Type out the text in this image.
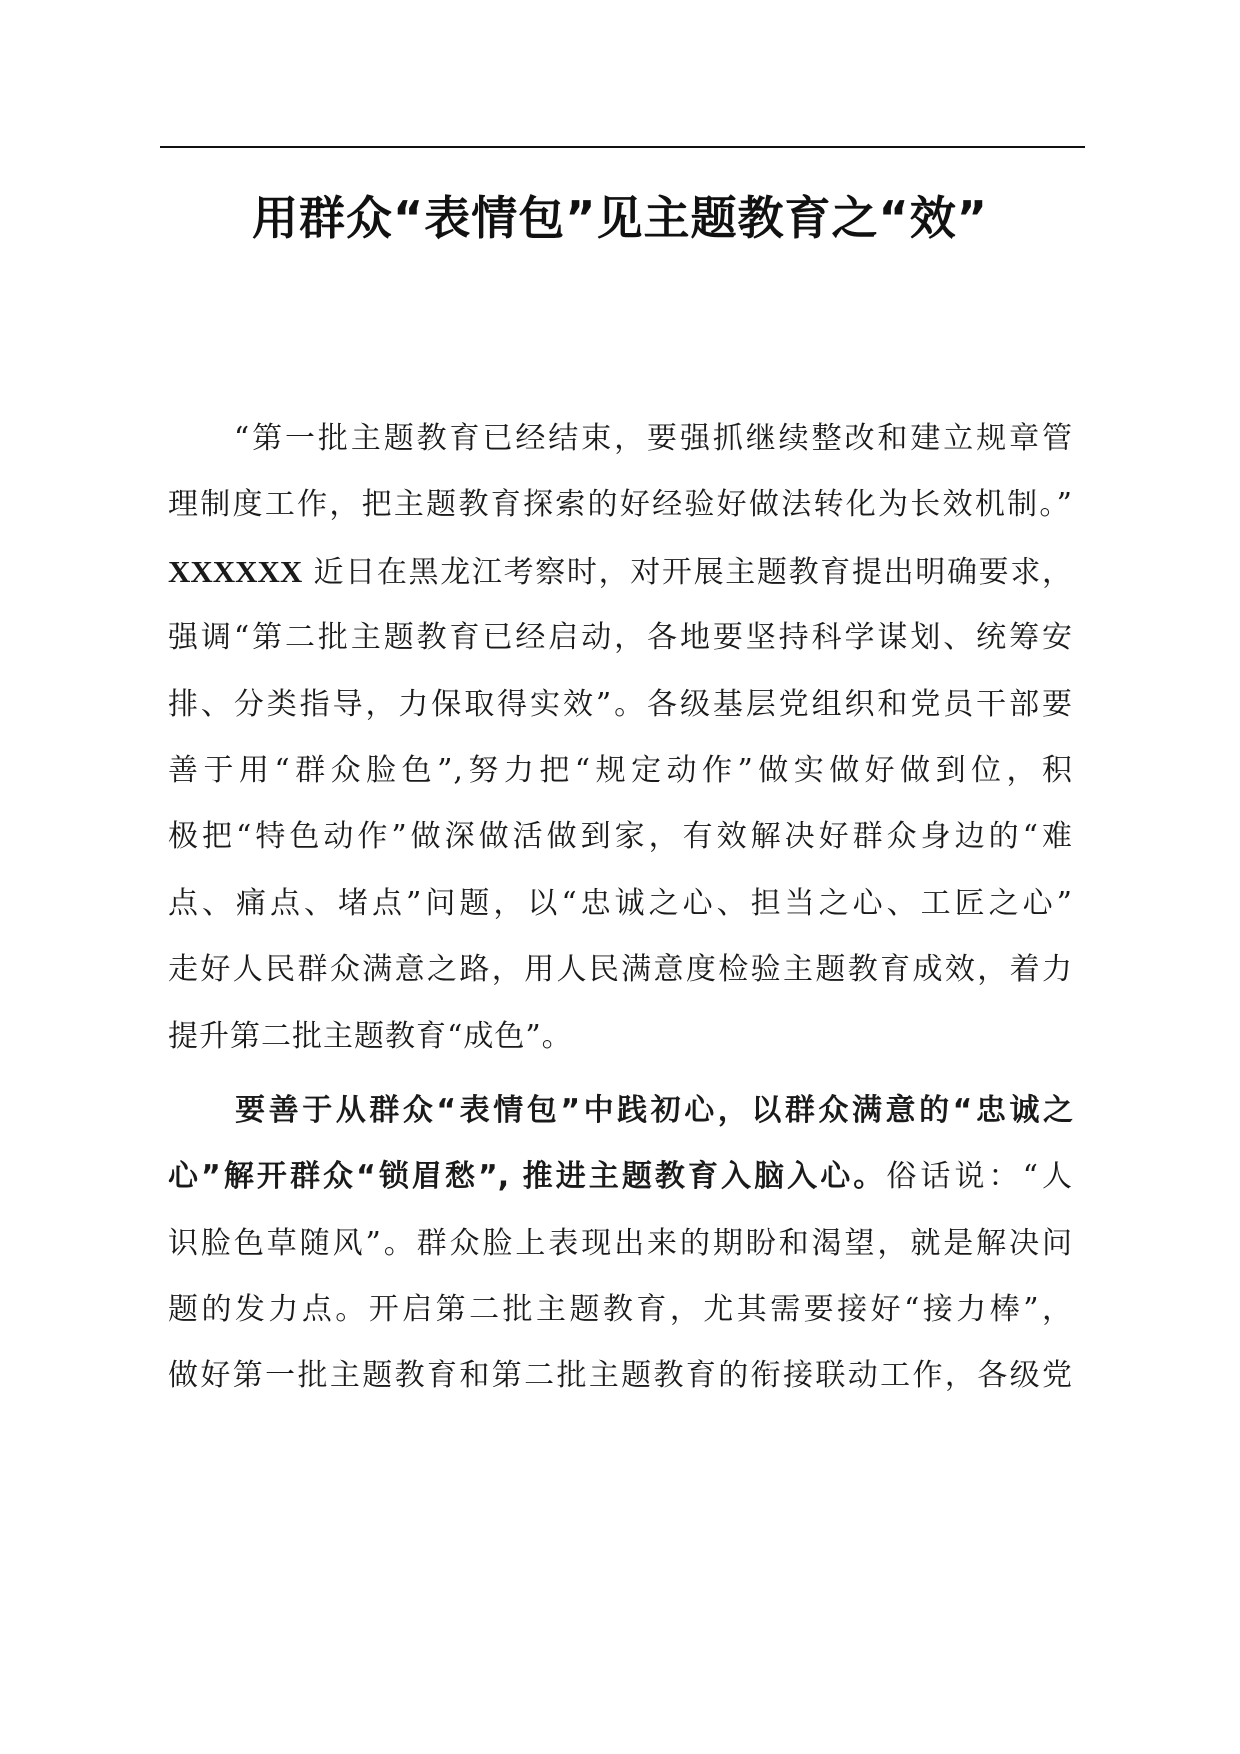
用群众“表情包”见主题教育之“效”
　　“第一批主题教育已经结束，要强抓继续整改和建立规章管
理制度工作，把主题教育探索的好经验好做法转化为长效机制。”
XXXXXX 近日在黑龙江考察时，对开展主题教育提出明确要求，
强调“第二批主题教育已经启动，各地要坚持科学谋划、统筹安
排、分类指导，力保取得实效”。各级基层党组织和党员干部要
善于用“群众脸色”,努力把“规定动作”做实做好做到位，积
极把“特色动作”做深做活做到家，有效解决好群众身边的“难
点、痛点、堵点”问题，以“忠诚之心、担当之心、工匠之心”
走好人民群众满意之路，用人民满意度检验主题教育成效，着力
提升第二批主题教育“成色”。
　　要善于从群众“表情包”中践初心，以群众满意的“忠诚之
心”解开群众“锁眉愁”, 推进主题教育入脑入心。俗话说：“人
识脸色草随风”。群众脸上表现出来的期盼和渴望，就是解决问
题的发力点。开启第二批主题教育，尤其需要接好“接力棒”，
做好第一批主题教育和第二批主题教育的衔接联动工作，各级党
